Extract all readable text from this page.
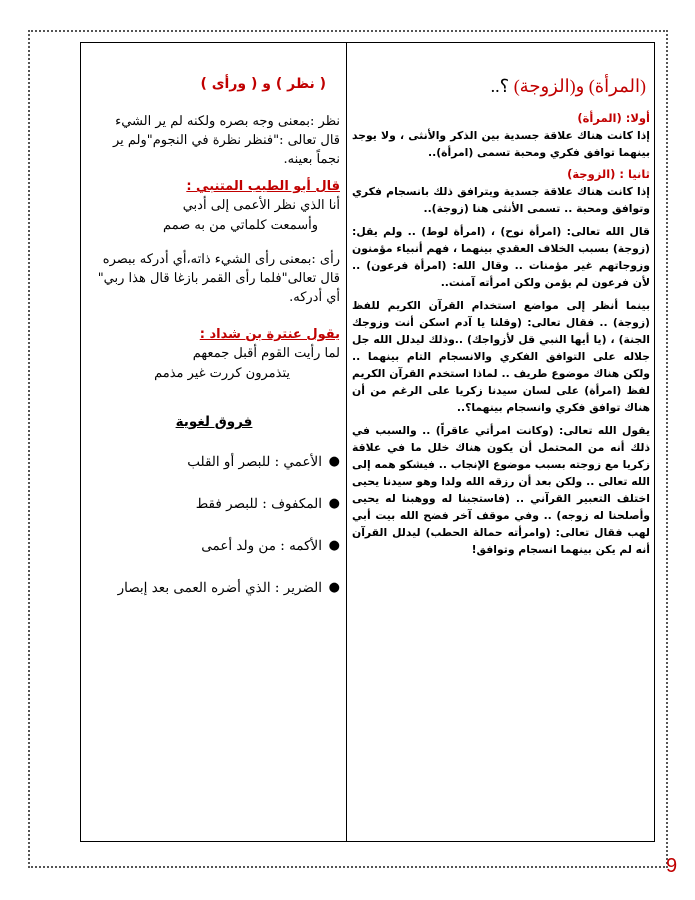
(المرأة) و(الزوجة) ؟..
أولا: (المرأة)
إذا كانت هناك علاقة جسدية بين الذكر والأنثى ، ولا يوجد بينهما توافق فكري ومحبة تسمى (امرأة)..
ثانيا : (الزوجة)
إذا كانت هناك علاقة جسدية ويترافق ذلك بانسجام فكري وتوافق ومحبة .. تسمى الأنثى هنا (زوجة)..
قال الله تعالى: (امرأة نوح) ، (امرأة لوط) .. ولم يقل: (زوجة) بسبب الخلاف العقدي بينهما ، فهم أنبياء مؤمنون وزوجاتهم غير مؤمنات .. وقال الله: (امرأة فرعون) .. لأن فرعون لم يؤمن ولكن امرأته آمنت..
بينما أنظر إلى مواضع استخدام القرآن الكريم للفظ (زوجة) .. فقال تعالى: (وقلنا يا آدم اسكن أنت وزوجك الجنة) ، (يا أيها النبي قل لأزواجك) ..وذلك ليدلل الله جل جلاله على التوافق الفكري والانسجام التام بينهما .. ولكن هناك موضوع طريف .. لماذا استخدم القرآن الكريم لفظ (امرأة) على لسان سيدنا زكريا على الرغم من أن هناك توافق فكري وانسجام بينهما؟..
يقول الله تعالى: (وكانت امرأتي عاقراً) .. والسبب في ذلك أنه من المحتمل أن يكون هناك خلل ما في علاقة زكريا مع زوجته بسبب موضوع الإنجاب .. فيشكو همه إلى الله تعالى .. ولكن بعد أن رزقه الله ولدا وهو سيدنا يحيى اختلف التعبير القرآني .. (فاستجبنا له ووهبنا له يحيى وأصلحنا له زوجه) .. وفي موقف آخر فضح الله بيت أبي لهب فقال تعالى: (وامرأته حمالة الحطب) ليدلل القرآن أنه لم يكن بينهما انسجام وتوافق!
( نظر ) و ( ورأى )

نظر :بمعنى وجه بصره ولكنه لم ير الشيء

قال تعالى :"فنظر نظرة في النجوم"ولم ير نجماً بعينه.

قال أبو الطيب المتنبي :

أنا الذي نظر الأعمى إلى أدبي

وأسمعت كلماتي من به صمم

رأى :بمعنى رأى الشيء ذاته،أي أدركه ببصره

قال تعالى"فلما رأى القمر بازغا قال هذا ربي" أي أدركه.

يقول عنترة بن شداد :

لما رأيت القوم أقبل جمعهم

يتذمرون كررت غير مذمم

فروق لغوية
●
الأعمي : للبصر أو القلب
●
المكفوف : للبصر فقط
●
الأكمه : من ولد أعمى
●
الضرير : الذي أضره العمى بعد إبصار
9
